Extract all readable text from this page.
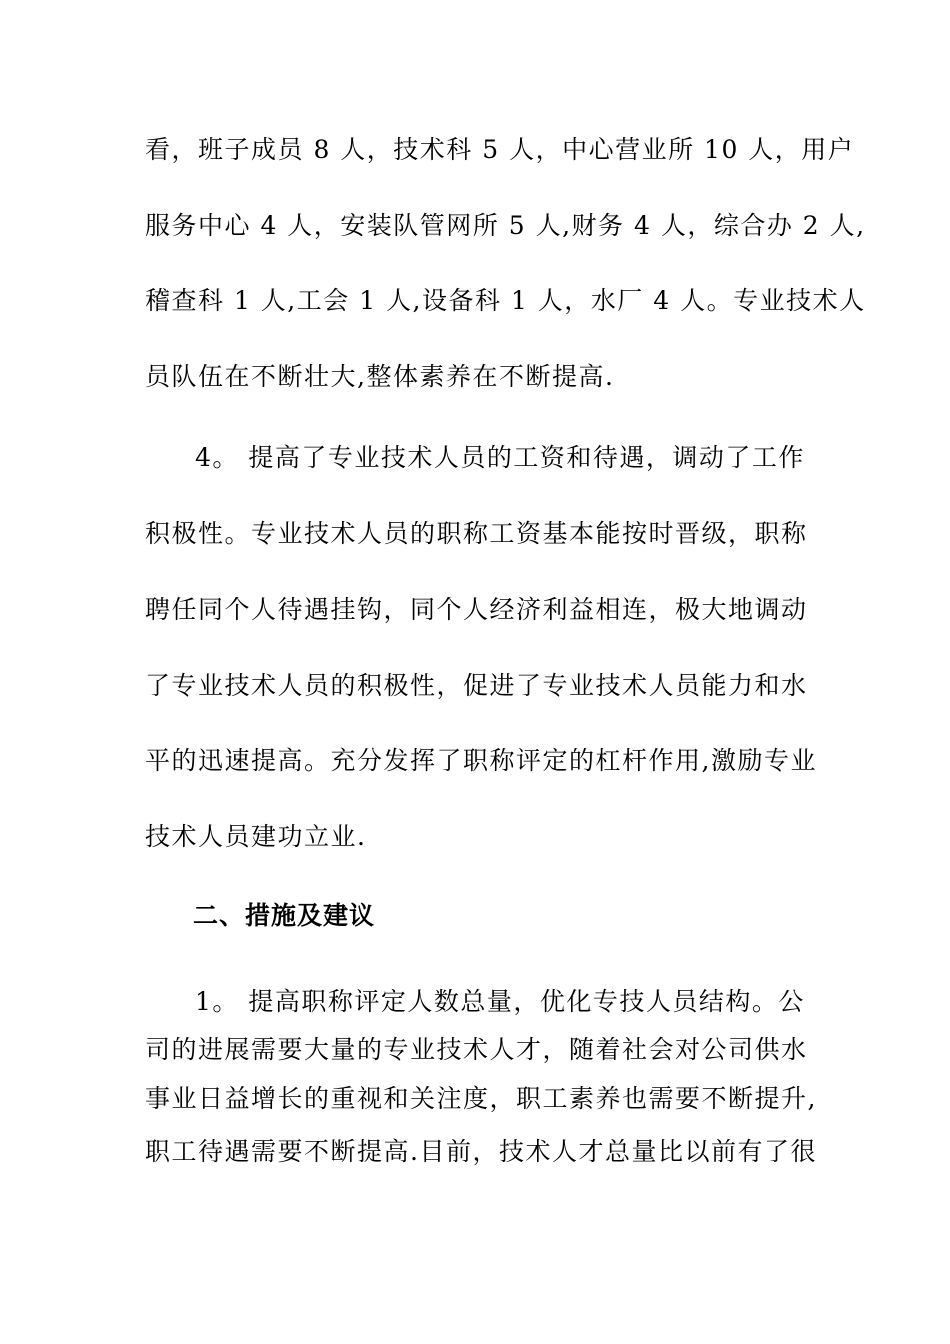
看，班子成员 8 人，技术科 5 人，中心营业所 10 人，用户
服务中心 4 人，安装队管网所 5 人,财务 4 人，综合办 2 人,
稽查科 1 人,工会 1 人,设备科 1 人，水厂 4 人。专业技术人
员队伍在不断壮大,整体素养在不断提高.
4。 提高了专业技术人员的工资和待遇，调动了工作
积极性。专业技术人员的职称工资基本能按时晋级，职称
聘任同个人待遇挂钩，同个人经济利益相连，极大地调动
了专业技术人员的积极性，促进了专业技术人员能力和水
平的迅速提高。充分发挥了职称评定的杠杆作用,激励专业
技术人员建功立业.
二、措施及建议
1。 提高职称评定人数总量，优化专技人员结构。公
司的进展需要大量的专业技术人才，随着社会对公司供水
事业日益增长的重视和关注度，职工素养也需要不断提升,
职工待遇需要不断提高.目前，技术人才总量比以前有了很
